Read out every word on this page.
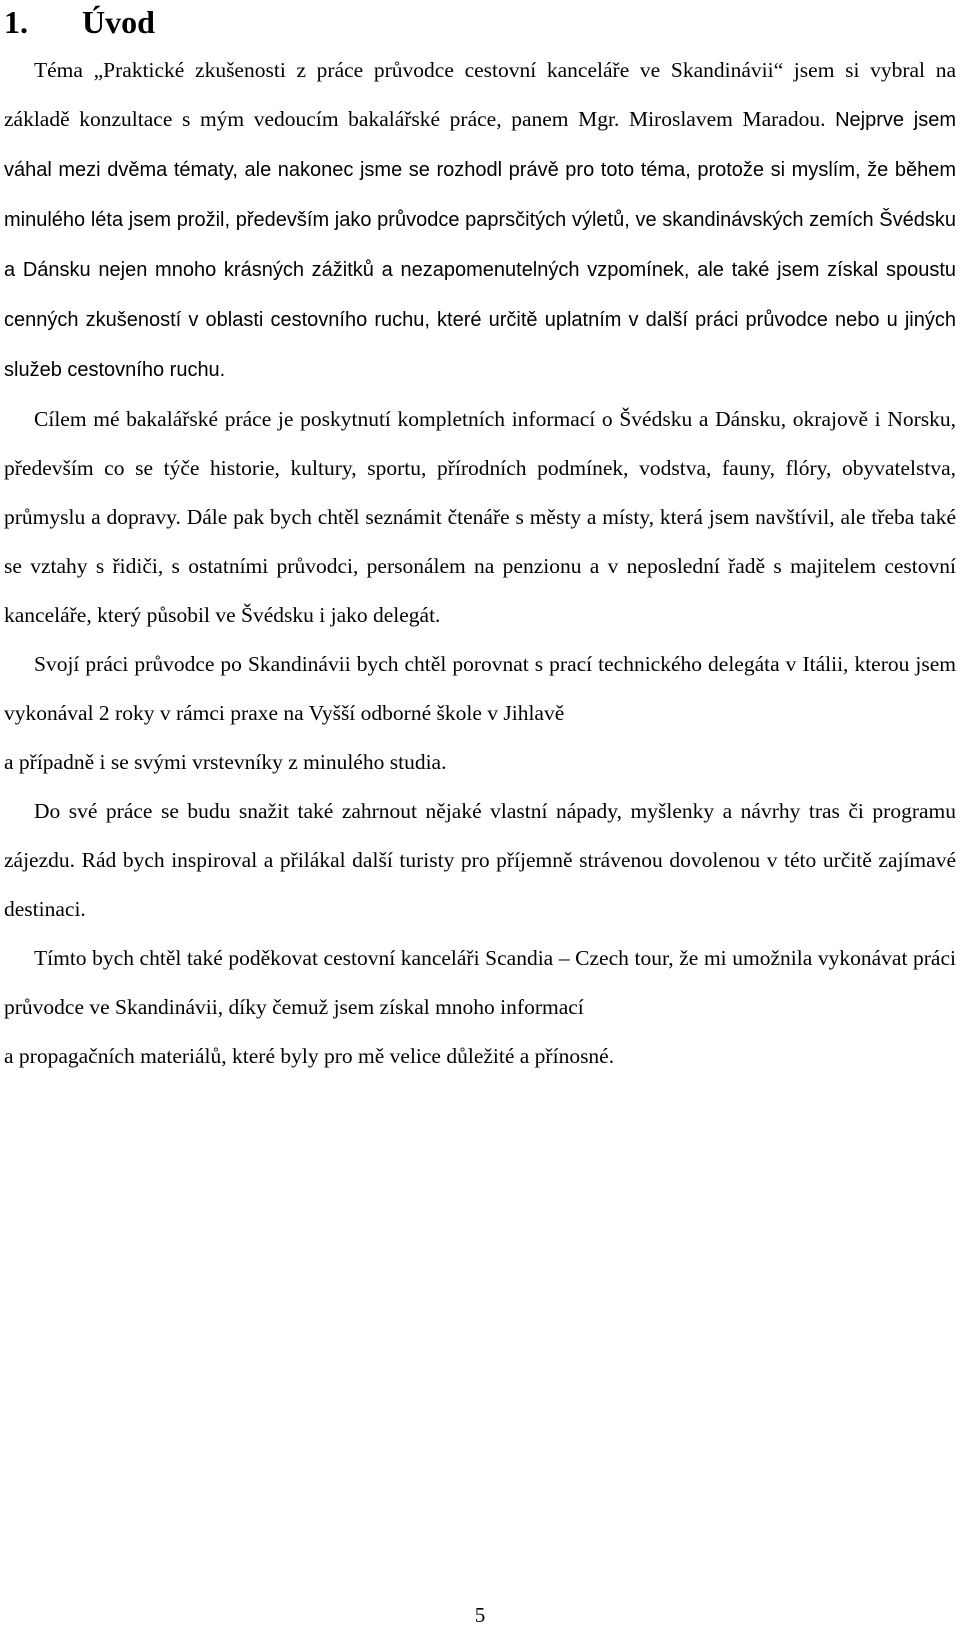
1. Úvod

Téma „Praktické zkušenosti z práce průvodce cestovní kanceláře ve Skandinávii“ jsem si vybral na základě konzultace s mým vedoucím bakalářské práce, panem Mgr. Miroslavem Maradou. Nejprve jsem váhal mezi dvěma tématy, ale nakonec jsme se rozhodl právě pro toto téma, protože si myslím, že během minulého léta jsem prožil, především jako průvodce paprsčitých výletů, ve skandinávských zemích Švédsku a Dánsku nejen mnoho krásných zážitků a nezapomenutelných vzpomínek, ale také jsem získal spoustu cenných zkušeností v oblasti cestovního ruchu, které určitě uplatním v další práci průvodce nebo u jiných služeb cestovního ruchu.

Cílem mé bakalářské práce je poskytnutí kompletních informací o Švédsku a Dánsku, okrajově i Norsku, především co se týče historie, kultury, sportu, přírodních podmínek, vodstva, fauny, flóry, obyvatelstva, průmyslu a dopravy. Dále pak bych chtěl seznámit čtenáře s městy a místy, která jsem navštívil, ale třeba také se vztahy s řidiči, s ostatními průvodci, personálem na penzionu a v neposlední řadě s majitelem cestovní kanceláře, který působil ve Švédsku i jako delegát.

Svojí práci průvodce po Skandinávii bych chtěl porovnat s prací technického delegáta v Itálii, kterou jsem vykonával 2 roky v rámci praxe na Vyšší odborné škole v Jihlavě

a případně i se svými vrstevníky z minulého studia.

Do své práce se budu snažit také zahrnout nějaké vlastní nápady, myšlenky a návrhy tras či programu zájezdu. Rád bych inspiroval a přilákal další turisty pro příjemně strávenou dovolenou v této určitě zajímavé destinaci.

Tímto bych chtěl také poděkovat cestovní kanceláři Scandia – Czech tour, že mi umožnila vykonávat práci průvodce ve Skandinávii, díky čemuž jsem získal mnoho informací

a propagačních materiálů, které byly pro mě velice důležité a přínosné.

5
